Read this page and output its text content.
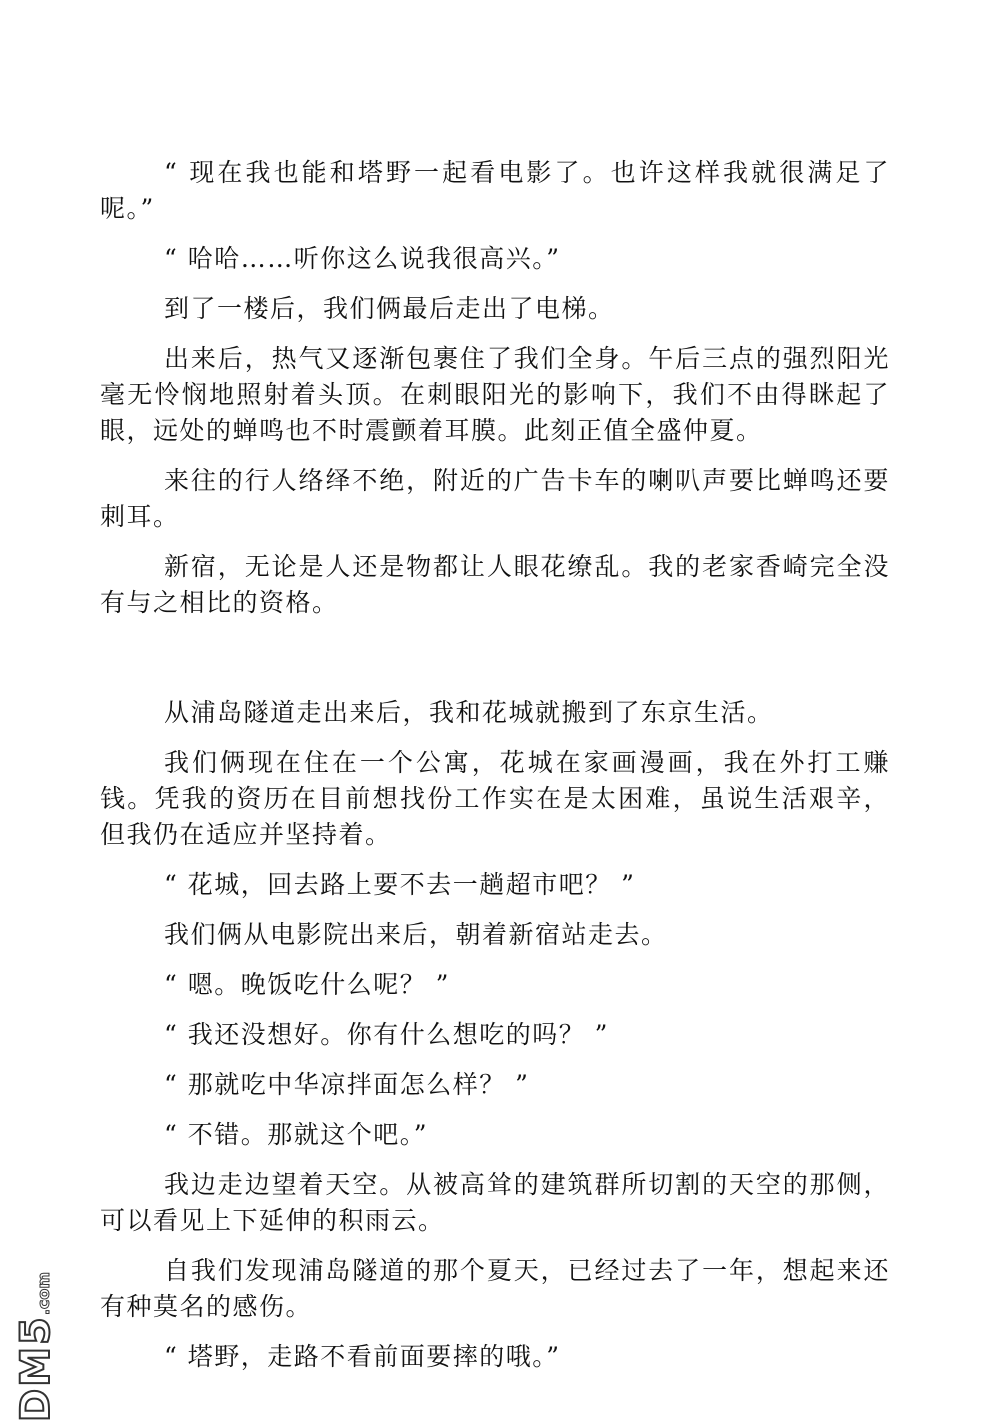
“ 现在我也能和塔野一起看电影了。也许这样我就很满足了呢。”

“ 哈哈……听你这么说我很高兴。”

到了一楼后，我们俩最后走出了电梯。

出来后，热气又逐渐包裹住了我们全身。午后三点的强烈阳光毫无怜悯地照射着头顶。在刺眼阳光的影响下，我们不由得眯起了眼，远处的蝉鸣也不时震颤着耳膜。此刻正值全盛仲夏。

来往的行人络绎不绝，附近的广告卡车的喇叭声要比蝉鸣还要刺耳。

新宿，无论是人还是物都让人眼花缭乱。我的老家香崎完全没有与之相比的资格。

从浦岛隧道走出来后，我和花城就搬到了东京生活。

我们俩现在住在一个公寓，花城在家画漫画，我在外打工赚钱。凭我的资历在目前想找份工作实在是太困难，虽说生活艰辛，但我仍在适应并坚持着。

“ 花城，回去路上要不去一趟超市吧？ ”

我们俩从电影院出来后，朝着新宿站走去。

“ 嗯。晚饭吃什么呢？ ”

“ 我还没想好。你有什么想吃的吗？ ”

“ 那就吃中华凉拌面怎么样？ ”

“ 不错。那就这个吧。”

我边走边望着天空。从被高耸的建筑群所切割的天空的那侧，可以看见上下延伸的积雨云。

自我们发现浦岛隧道的那个夏天，已经过去了一年，想起来还有种莫名的感伤。

“ 塔野，走路不看前面要摔的哦。”

DM5.com
